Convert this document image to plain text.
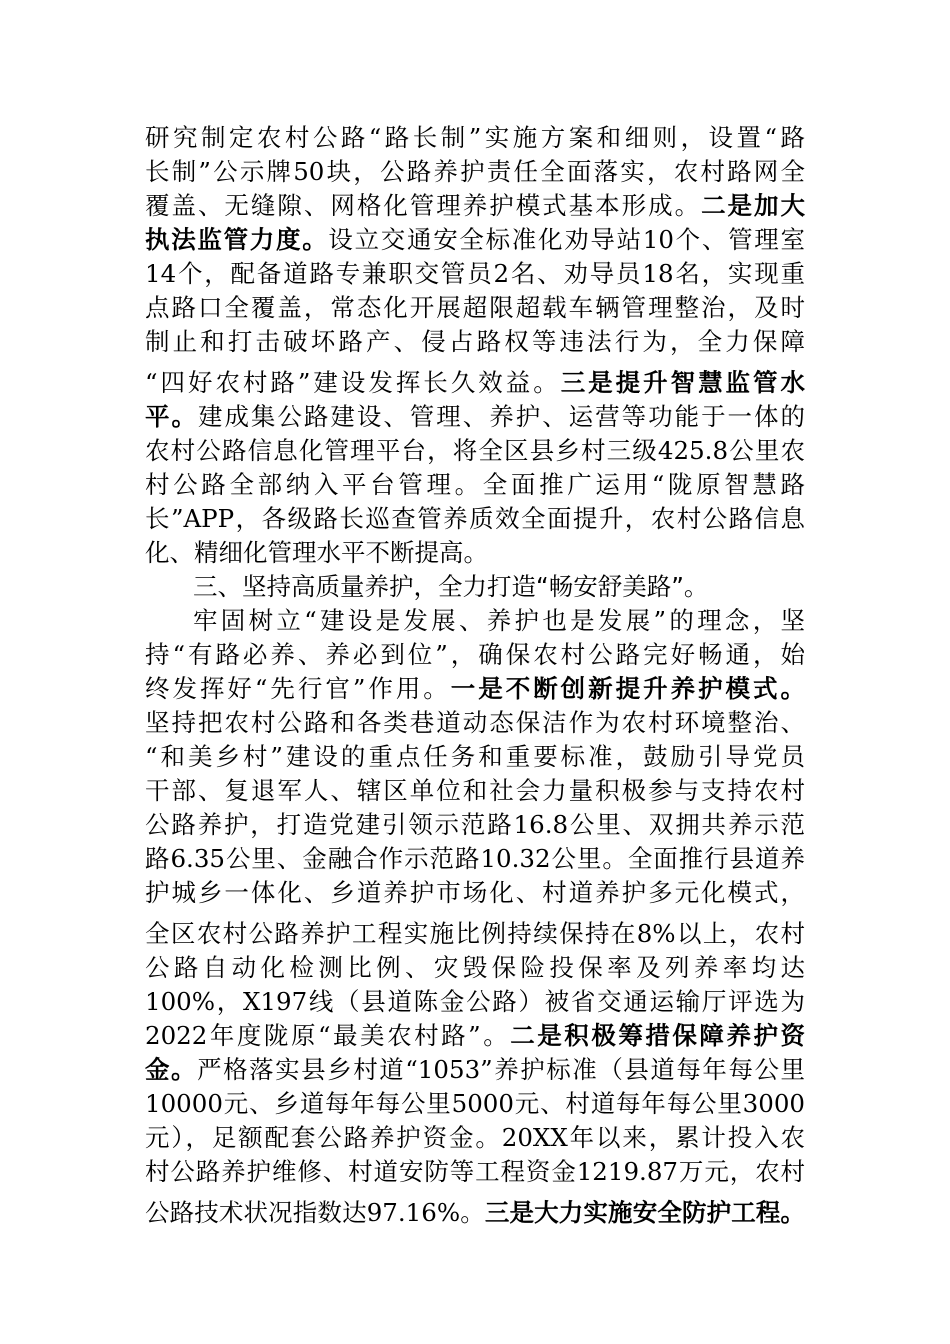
研究制定农村公路“路长制”实施方案和细则，设置“路
长制”公示牌50块，公路养护责任全面落实，农村路网全
覆盖、无缝隙、网格化管理养护模式基本形成。二是加大
执法监管力度。设立交通安全标准化劝导站10个、管理室
14个，配备道路专兼职交管员2名、劝导员18名，实现重
点路口全覆盖，常态化开展超限超载车辆管理整治，及时
制止和打击破坏路产、侵占路权等违法行为，全力保障
“四好农村路”建设发挥长久效益。三是提升智慧监管水
平。建成集公路建设、管理、养护、运营等功能于一体的
农村公路信息化管理平台，将全区县乡村三级425.8公里农
村公路全部纳入平台管理。全面推广运用“陇原智慧路
长”APP，各级路长巡查管养质效全面提升，农村公路信息
化、精细化管理水平不断提高。
三、坚持高质量养护，全力打造“畅安舒美路”。
牢固树立“建设是发展、养护也是发展”的理念，坚
持“有路必养、养必到位”，确保农村公路完好畅通，始
终发挥好“先行官”作用。一是不断创新提升养护模式。
坚持把农村公路和各类巷道动态保洁作为农村环境整治、
“和美乡村”建设的重点任务和重要标准，鼓励引导党员
干部、复退军人、辖区单位和社会力量积极参与支持农村
公路养护，打造党建引领示范路16.8公里、双拥共养示范
路6.35公里、金融合作示范路10.32公里。全面推行县道养
护城乡一体化、乡道养护市场化、村道养护多元化模式，
全区农村公路养护工程实施比例持续保持在8%以上，农村
公路自动化检测比例、灾毁保险投保率及列养率均达
100%，X197线（县道陈金公路）被省交通运输厅评选为
2022年度陇原“最美农村路”。二是积极筹措保障养护资
金。严格落实县乡村道“1053”养护标准（县道每年每公里
10000元、乡道每年每公里5000元、村道每年每公里3000
元），足额配套公路养护资金。20XX年以来，累计投入农
村公路养护维修、村道安防等工程资金1219.87万元，农村
公路技术状况指数达97.16%。三是大力实施安全防护工程。
